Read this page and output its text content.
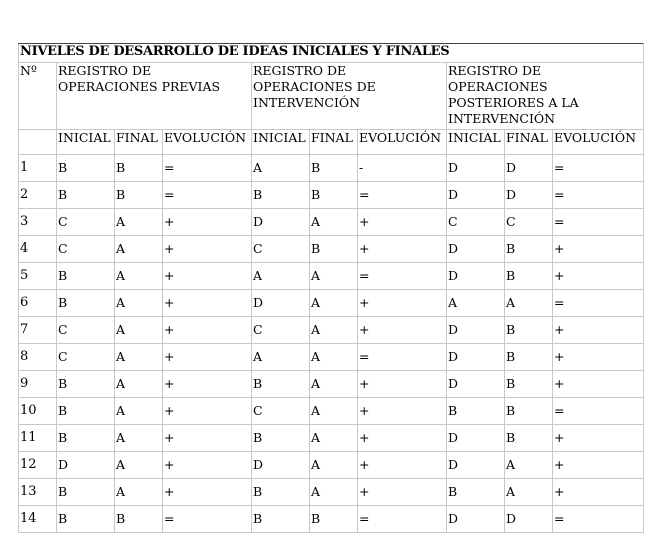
NIVELES DE DESARROLLO DE IDEAS INICIALES Y FINALES									
Nº	REGISTRO DE OPERACIONES PREVIAS			REGISTRO DE OPERACIONES DE INTERVENCIÓN			REGISTRO DE OPERACIONES POSTERIORES A LA INTERVENCIÓN		
	INICIAL	FINAL	EVOLUCIÓN	INICIAL	FINAL	EVOLUCIÓN	INICIAL	FINAL	EVOLUCIÓN
1	B	B	=	A	B	-	D	D	=
2	B	B	=	B	B	=	D	D	=
3	C	A	+	D	A	+	C	C	=
4	C	A	+	C	B	+	D	B	+
5	B	A	+	A	A	=	D	B	+
6	B	A	+	D	A	+	A	A	=
7	C	A	+	C	A	+	D	B	+
8	C	A	+	A	A	=	D	B	+
9	B	A	+	B	A	+	D	B	+
10	B	A	+	C	A	+	B	B	=
11	B	A	+	B	A	+	D	B	+
12	D	A	+	D	A	+	D	A	+
13	B	A	+	B	A	+	B	A	+
14	B	B	=	B	B	=	D	D	=
